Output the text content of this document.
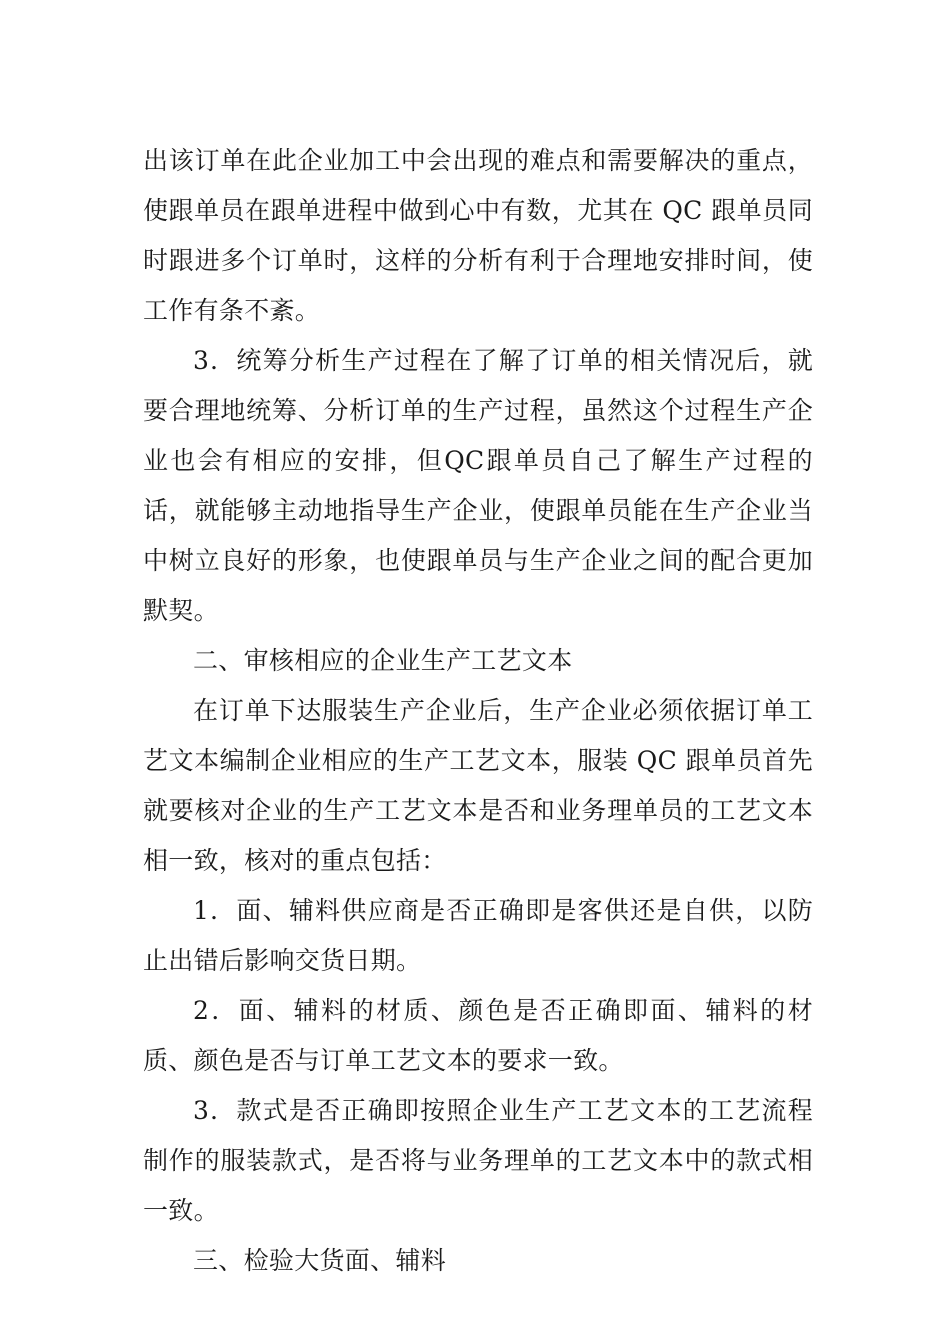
出该订单在此企业加工中会出现的难点和需要解决的重点，使跟单员在跟单进程中做到心中有数，尤其在 QC 跟单员同时跟进多个订单时，这样的分析有利于合理地安排时间，使工作有条不紊。

3．统筹分析生产过程在了解了订单的相关情况后，就要合理地统筹、分析订单的生产过程，虽然这个过程生产企业也会有相应的安排，但QC跟单员自己了解生产过程的话，就能够主动地指导生产企业，使跟单员能在生产企业当中树立良好的形象，也使跟单员与生产企业之间的配合更加默契。

二、审核相应的企业生产工艺文本

在订单下达服装生产企业后，生产企业必须依据订单工艺文本编制企业相应的生产工艺文本，服装 QC 跟单员首先就要核对企业的生产工艺文本是否和业务理单员的工艺文本相一致，核对的重点包括：

1．面、辅料供应商是否正确即是客供还是自供，以防止出错后影响交货日期。

2．面、辅料的材质、颜色是否正确即面、辅料的材质、颜色是否与订单工艺文本的要求一致。

3．款式是否正确即按照企业生产工艺文本的工艺流程制作的服装款式，是否将与业务理单的工艺文本中的款式相一致。

三、检验大货面、辅料
